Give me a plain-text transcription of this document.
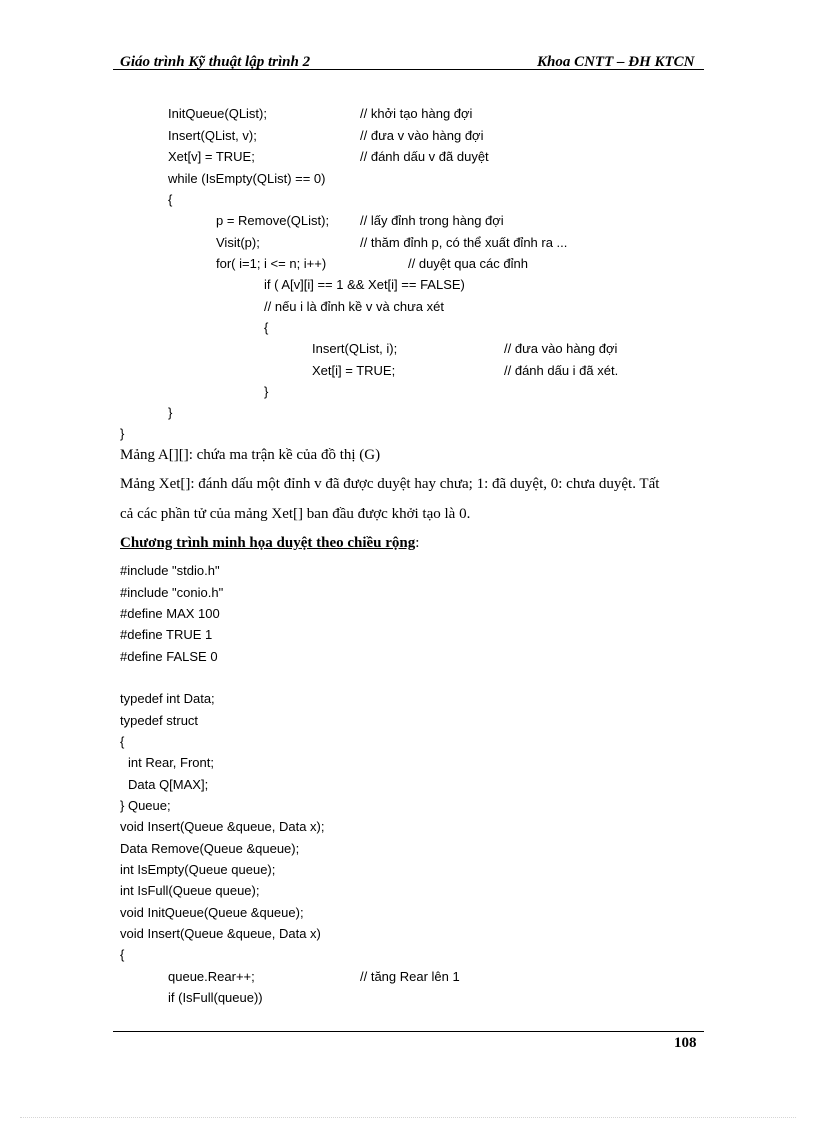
Giáo trình Kỹ thuật lập trình 2	Khoa CNTT – ĐH KTCN
InitQueue(QList);	// khởi tạo hàng đợi
Insert(QList, v);	// đưa v vào hàng đợi
Xet[v] = TRUE;	// đánh dấu v đã duyệt
while (IsEmpty(QList) == 0)
{
p = Remove(QList); // lấy đỉnh trong hàng đợi
Visit(p);	// thăm đỉnh p, có thể xuất đỉnh ra ...
for( i=1; i <= n; i++)	// duyệt qua các đỉnh
if ( A[v][i] == 1 && Xet[i] == FALSE)
// nếu i là đỉnh kề v và chưa xét
{
Insert(QList, i);	// đưa vào hàng đợi
Xet[i] = TRUE;	// đánh dấu i đã xét.
}
}
}
Mảng A[][]: chứa ma trận kề của đồ thị (G)
Mảng Xet[]: đánh dấu một đỉnh v đã được duyệt hay chưa; 1: đã duyệt, 0: chưa duyệt. Tất
cả các phần tử của mảng Xet[] ban đầu được khởi tạo là 0.
Chương trình minh họa duyệt theo chiều rộng:
#include "stdio.h"
#include "conio.h"
#define MAX 100
#define TRUE 1
#define FALSE 0
typedef int Data;
typedef struct
{
int Rear, Front;
Data Q[MAX];
} Queue;
void Insert(Queue &queue, Data x);
Data Remove(Queue &queue);
int IsEmpty(Queue queue);
int IsFull(Queue queue);
void InitQueue(Queue &queue);
void Insert(Queue &queue, Data x)
{
queue.Rear++;	// tăng Rear lên 1
if (IsFull(queue))
108
